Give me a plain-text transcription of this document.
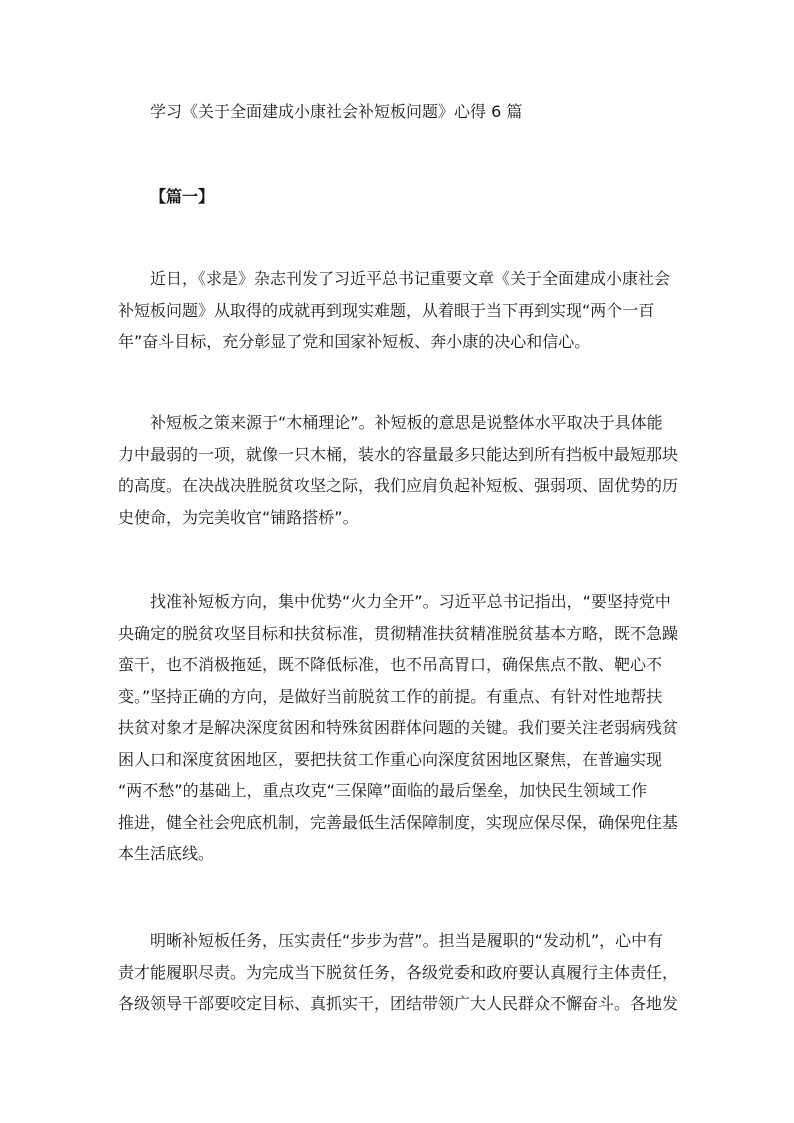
学习《关于全面建成小康社会补短板问题》心得 6 篇
【篇一】
近日，《求是》杂志刊发了习近平总书记重要文章《关于全面建成小康社会
补短板问题》从取得的成就再到现实难题，从着眼于当下再到实现“两个一百
年”奋斗目标，充分彰显了党和国家补短板、奔小康的决心和信心。
补短板之策来源于“木桶理论”。补短板的意思是说整体水平取决于具体能
力中最弱的一项，就像一只木桶，装水的容量最多只能达到所有挡板中最短那块
的高度。在决战决胜脱贫攻坚之际，我们应肩负起补短板、强弱项、固优势的历
史使命，为完美收官“铺路搭桥”。
找准补短板方向，集中优势“火力全开”。习近平总书记指出，“要坚持党中
央确定的脱贫攻坚目标和扶贫标准，贯彻精准扶贫精准脱贫基本方略，既不急躁
蛮干，也不消极拖延，既不降低标准，也不吊高胃口，确保焦点不散、靶心不
变。”坚持正确的方向，是做好当前脱贫工作的前提。有重点、有针对性地帮扶
扶贫对象才是解决深度贫困和特殊贫困群体问题的关键。我们要关注老弱病残贫
困人口和深度贫困地区，要把扶贫工作重心向深度贫困地区聚焦，在普遍实现
“两不愁”的基础上，重点攻克“三保障”面临的最后堡垒，加快民生领域工作
推进，健全社会兜底机制，完善最低生活保障制度，实现应保尽保，确保兜住基
本生活底线。
明晰补短板任务，压实责任“步步为营”。担当是履职的“发动机”，心中有
责才能履职尽责。为完成当下脱贫任务，各级党委和政府要认真履行主体责任，
各级领导干部要咬定目标、真抓实干，团结带领广大人民群众不懈奋斗。各地发
